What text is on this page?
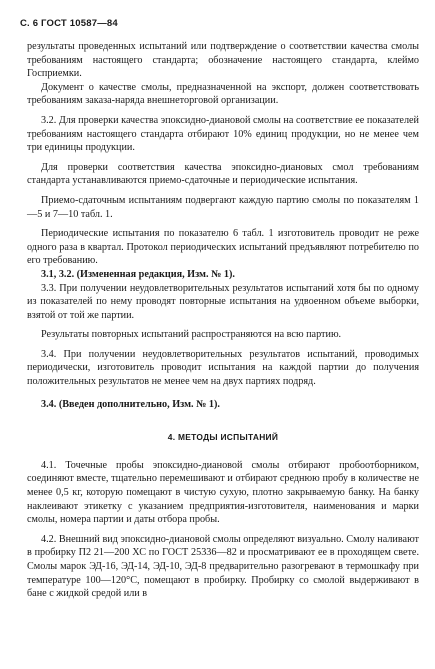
С. 6 ГОСТ 10587—84

результаты проведенных испытаний или подтверждение о соответствии качества смолы требованиям настоящего стандарта; обозначение настоящего стандарта, клеймо Госприемки.

Документ о качестве смолы, предназначенной на экспорт, должен соответствовать требованиям заказа-наряда внешнеторговой организации.

3.2. Для проверки качества эпоксидно-диановой смолы на соответствие ее показателей требованиям настоящего стандарта отбирают 10% единиц продукции, но не менее чем три единицы продукции.

Для проверки соответствия качества эпоксидно-диановых смол требованиям стандарта устанавливаются приемо-сдаточные и периодические испытания.

Приемо-сдаточным испытаниям подвергают каждую партию смолы по показателям 1—5 и 7—10 табл. 1.

Периодические испытания по показателю 6 табл. 1 изготовитель проводит не реже одного раза в квартал. Протокол периодических испытаний предъявляют потребителю по его требованию.

3.1, 3.2. (Измененная редакция, Изм. № 1).

3.3. При получении неудовлетворительных результатов испытаний хотя бы по одному из показателей по нему проводят повторные испытания на удвоенном объеме выборки, взятой от той же партии.

Результаты повторных испытаний распространяются на всю партию.

3.4. При получении неудовлетворительных результатов испытаний, проводимых периодически, изготовитель проводит испытания на каждой партии до получения положительных результатов не менее чем на двух партиях подряд.

3.4. (Введен дополнительно, Изм. № 1).

4. МЕТОДЫ ИСПЫТАНИЙ

4.1. Точечные пробы эпоксидно-диановой смолы отбирают пробоотборником, соединяют вместе, тщательно перемешивают и отбирают среднюю пробу в количестве не менее 0,5 кг, которую помещают в чистую сухую, плотно закрываемую банку. На банку наклеивают этикетку с указанием предприятия-изготовителя, наименования и марки смолы, номера партии и даты отбора пробы.

4.2. Внешний вид эпоксидно-диановой смолы определяют визуально. Смолу наливают в пробирку П2 21—200 ХС по ГОСТ 25336—82 и просматривают ее в проходящем свете. Смолы марок ЭД-16, ЭД-14, ЭД-10, ЭД-8 предварительно разогревают в термошкафу при температуре 100—120°С, помещают в пробирку. Пробирку со смолой выдерживают в бане с жидкой средой или в
